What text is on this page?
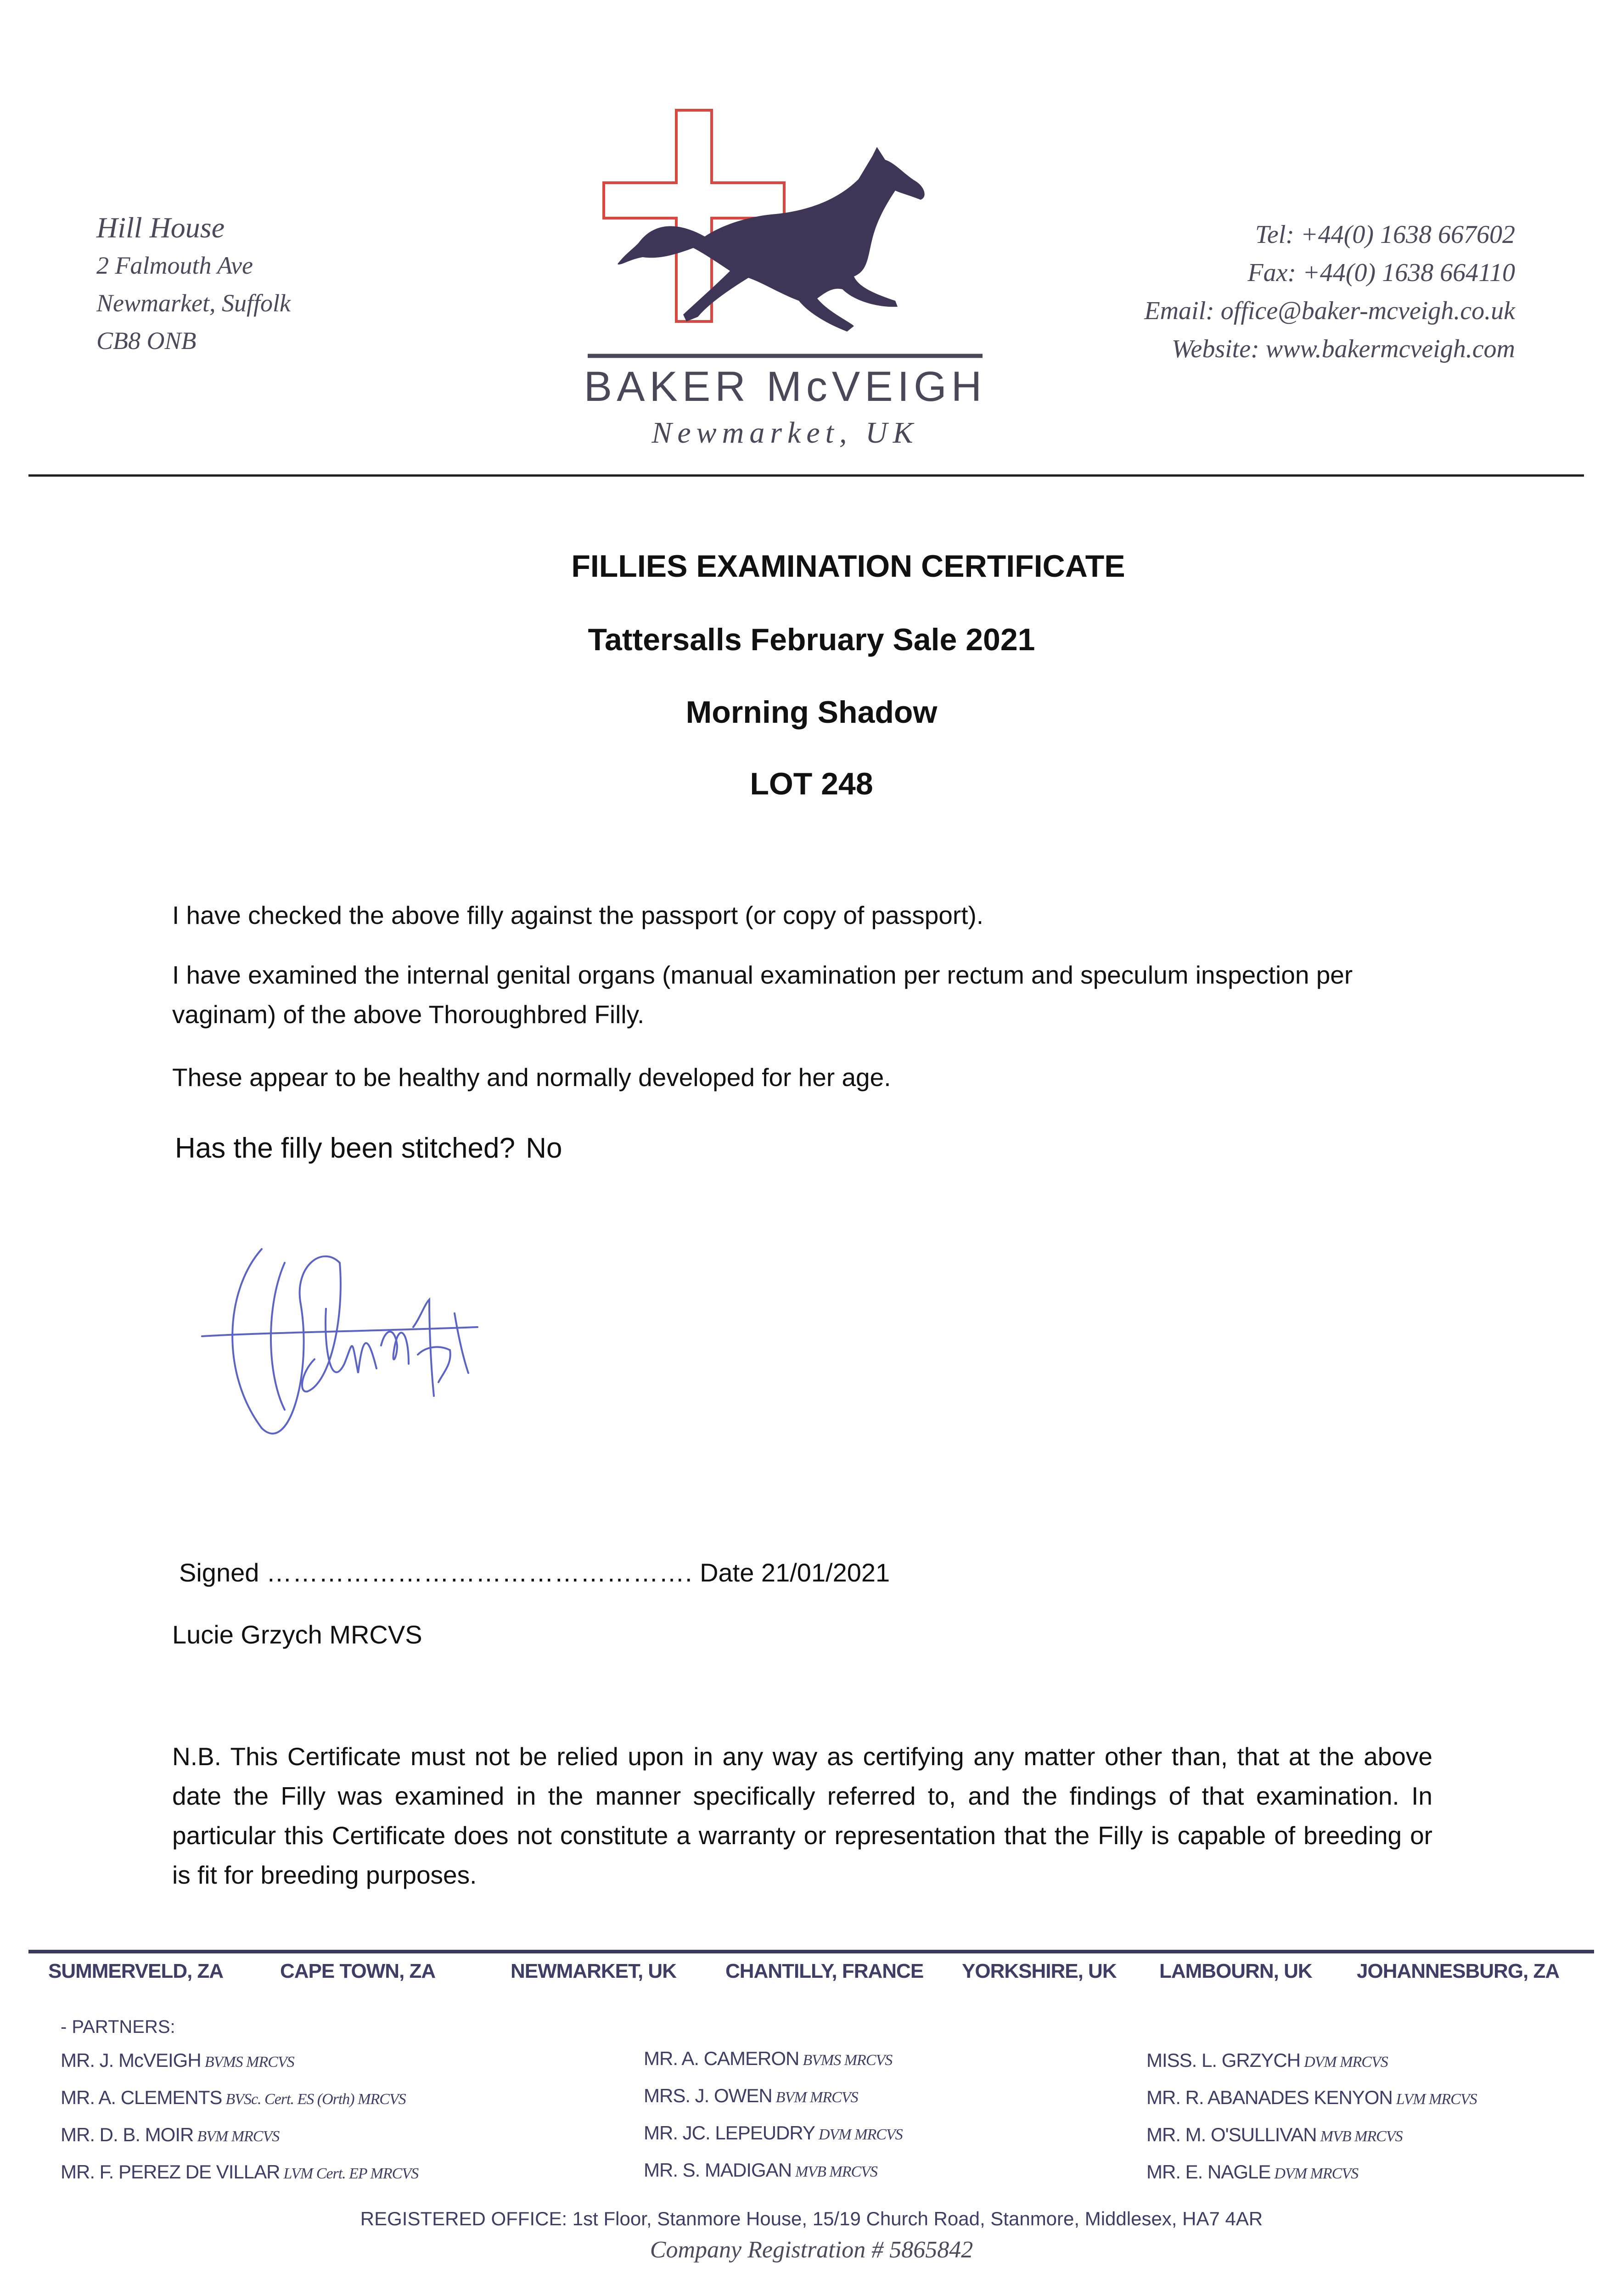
Hill House
2 Falmouth Ave
Newmarket, Suffolk
CB8 ONB
BAKER McVEIGH
Newmarket, UK
Tel: +44(0) 1638 667602
Fax: +44(0) 1638 664110
Email: office@baker-mcveigh.co.uk
Website: www.bakermcveigh.com
FILLIES EXAMINATION CERTIFICATE
Tattersalls February Sale 2021
Morning Shadow
LOT 248
I have checked the above filly against the passport (or copy of passport).
I have examined the internal genital organs (manual examination per rectum and speculum inspection per vaginam) of the above Thoroughbred Filly.
These appear to be healthy and normally developed for her age.
Has the filly been stitched? No
Signed …………………………………………. Date 21/01/2021
Lucie Grzych MRCVS
N.B. This Certificate must not be relied upon in any way as certifying any matter other than, that at the above date the Filly was examined in the manner specifically referred to, and the findings of that examination. In particular this Certificate does not constitute a warranty or representation that the Filly is capable of breeding or is fit for breeding purposes.
SUMMERVELD, ZA	CAPE TOWN, ZA	NEWMARKET, UK CHANTILLY, FRANCE YORKSHIRE, UK LAMBOURN, UK JOHANNESBURG, ZA
- PARTNERS:
MR. J. McVEIGH BVMS MRCVS
MR. A. CLEMENTS BVSc. Cert. ES (Orth) MRCVS
MR. D. B. MOIR BVM MRCVS
MR. F. PEREZ DE VILLAR LVM Cert. EP MRCVS
MR. A. CAMERON BVMS MRCVS
MRS. J. OWEN BVM MRCVS
MR. JC. LEPEUDRY DVM MRCVS
MR. S. MADIGAN MVB MRCVS
MISS. L. GRZYCH DVM MRCVS
MR. R. ABANADES KENYON LVM MRCVS
MR. M. O'SULLIVAN MVB MRCVS
MR. E. NAGLE DVM MRCVS
REGISTERED OFFICE: 1st Floor, Stanmore House, 15/19 Church Road, Stanmore, Middlesex, HA7 4AR
Company Registration # 5865842
